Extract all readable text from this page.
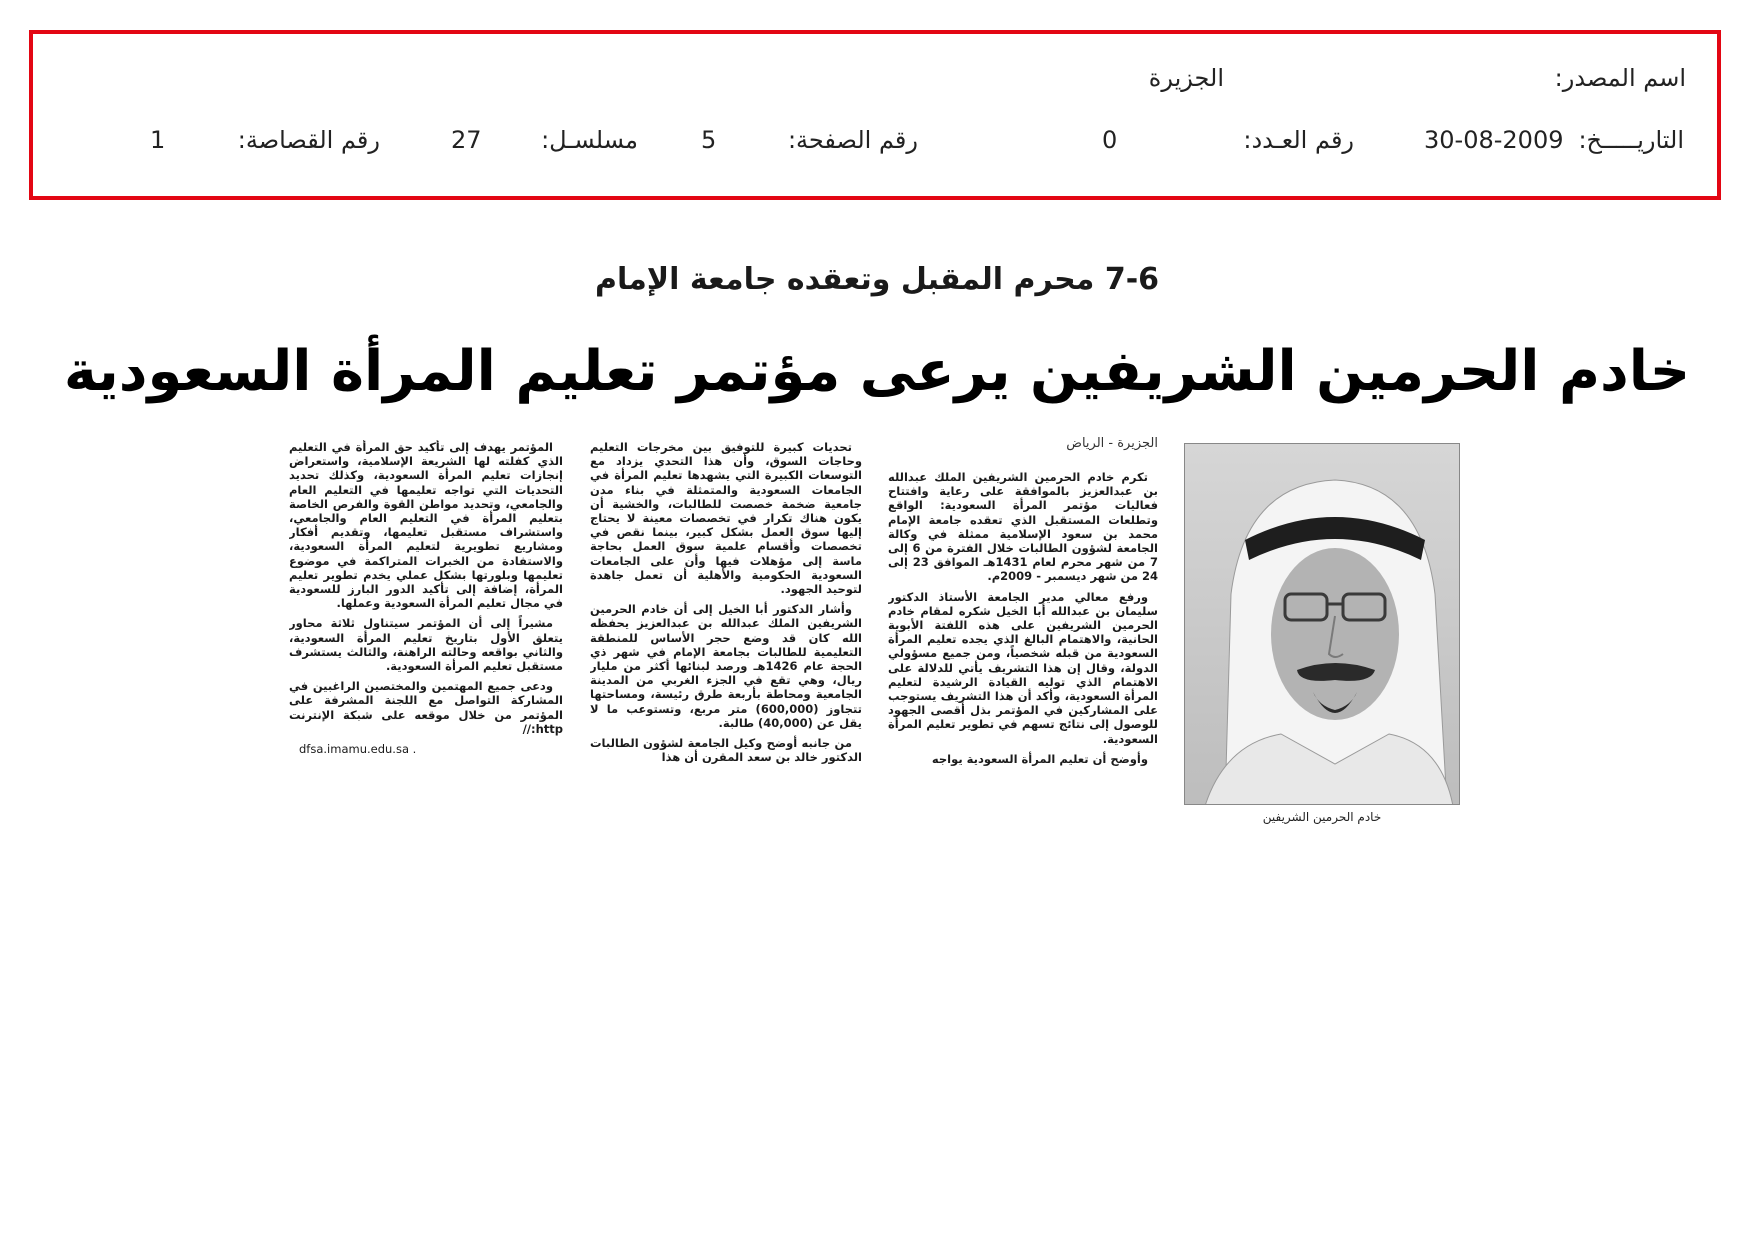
اسم المصدر:
الجزيرة
التاريـــــخ:
30-08-2009
رقم العـدد:
0
رقم الصفحة:
5
مسلسـل:
27
رقم القصاصة:
1
7-6 محرم المقبل وتعقده جامعة الإمام
خادم الحرمين الشريفين يرعى مؤتمر تعليم المرأة السعودية
الجزيرة - الرياض
خادم الحرمين الشريفين

تكرم خادم الحرمين الشريفين الملك عبدالله بن عبدالعزيز بالموافقة على رعاية وافتتاح فعاليات مؤتمر المرأة السعودية: الواقع وتطلعات المستقبل الذي تعقده جامعة الإمام محمد بن سعود الإسلامية ممثلة في وكالة الجامعة لشؤون الطالبات خلال الفترة من 6 إلى 7 من شهر محرم لعام 1431هـ الموافق 23 إلى 24 من شهر ديسمبر - 2009م.

ورفع معالي مدير الجامعة الأستاذ الدكتور سليمان بن عبدالله أبا الخيل شكره لمقام خادم الحرمين الشريفين على هذه اللفتة الأبوية الحانية، والاهتمام البالغ الذي يجده تعليم المرأة السعودية من قبله شخصياً، ومن جميع مسؤولي الدولة، وقال إن هذا التشريف يأتي للدلالة على الاهتمام الذي توليه القيادة الرشيدة لتعليم المرأة السعودية، وأكد أن هذا التشريف يستوجب على المشاركين في المؤتمر بذل أقصى الجهود للوصول إلى نتائج تسهم في تطوير تعليم المرأة السعودية.

وأوضح أن تعليم المرأة السعودية يواجه

تحديات كبيرة للتوفيق بين مخرجات التعليم وحاجات السوق، وأن هذا التحدي يزداد مع التوسعات الكبيرة التي يشهدها تعليم المرأة في الجامعات السعودية والمتمثلة في بناء مدن جامعية ضخمة خصصت للطالبات، والخشية أن يكون هناك تكرار في تخصصات معينة لا يحتاج إليها سوق العمل بشكل كبير، بينما نقص في تخصصات وأقسام علمية سوق العمل بحاجة ماسة إلى مؤهلات فيها وأن على الجامعات السعودية الحكومية والأهلية أن تعمل جاهدة لتوحيد الجهود.

وأشار الدكتور أبا الخيل إلى أن خادم الحرمين الشريفين الملك عبدالله بن عبدالعزيز يحفظه الله كان قد وضع حجر الأساس للمنطقة التعليمية للطالبات بجامعة الإمام في شهر ذي الحجة عام 1426هـ ورصد لبنائها أكثر من مليار ريال، وهي تقع في الجزء الغربي من المدينة الجامعية ومحاطة بأربعة طرق رئيسة، ومساحتها تتجاوز (600,000) متر مربع، وتستوعب ما لا يقل عن (40,000) طالبة.

من جانبه أوضح وكيل الجامعة لشؤون الطالبات الدكتور خالد بن سعد المقرن أن هذا

المؤتمر يهدف إلى تأكيد حق المرأة في التعليم الذي كفلته لها الشريعة الإسلامية، واستعراض إنجازات تعليم المرأة السعودية، وكذلك تحديد التحديات التي تواجه تعليمها في التعليم العام والجامعي، وتحديد مواطن القوة والفرص الخاصة بتعليم المرأة في التعليم العام والجامعي، واستشراف مستقبل تعليمها، وتقديم أفكار ومشاريع تطويرية لتعليم المرأة السعودية، والاستفادة من الخبرات المتراكمة في موضوع تعليمها وبلورتها بشكل عملي يخدم تطوير تعليم المرأة، إضافة إلى تأكيد الدور البارز للسعودية في مجال تعليم المرأة السعودية وعملها.

مشيراً إلى أن المؤتمر سيتناول ثلاثة محاور يتعلق الأول بتاريخ تعليم المرأة السعودية، والثاني بواقعه وحالته الراهنة، والثالث يستشرف مستقبل تعليم المرأة السعودية.

ودعى جميع المهتمين والمختصين الراغبين في المشاركة التواصل مع اللجنة المشرفة على المؤتمر من خلال موقعه على شبكة الإنترنت http://

dfsa.imamu.edu.sa .
